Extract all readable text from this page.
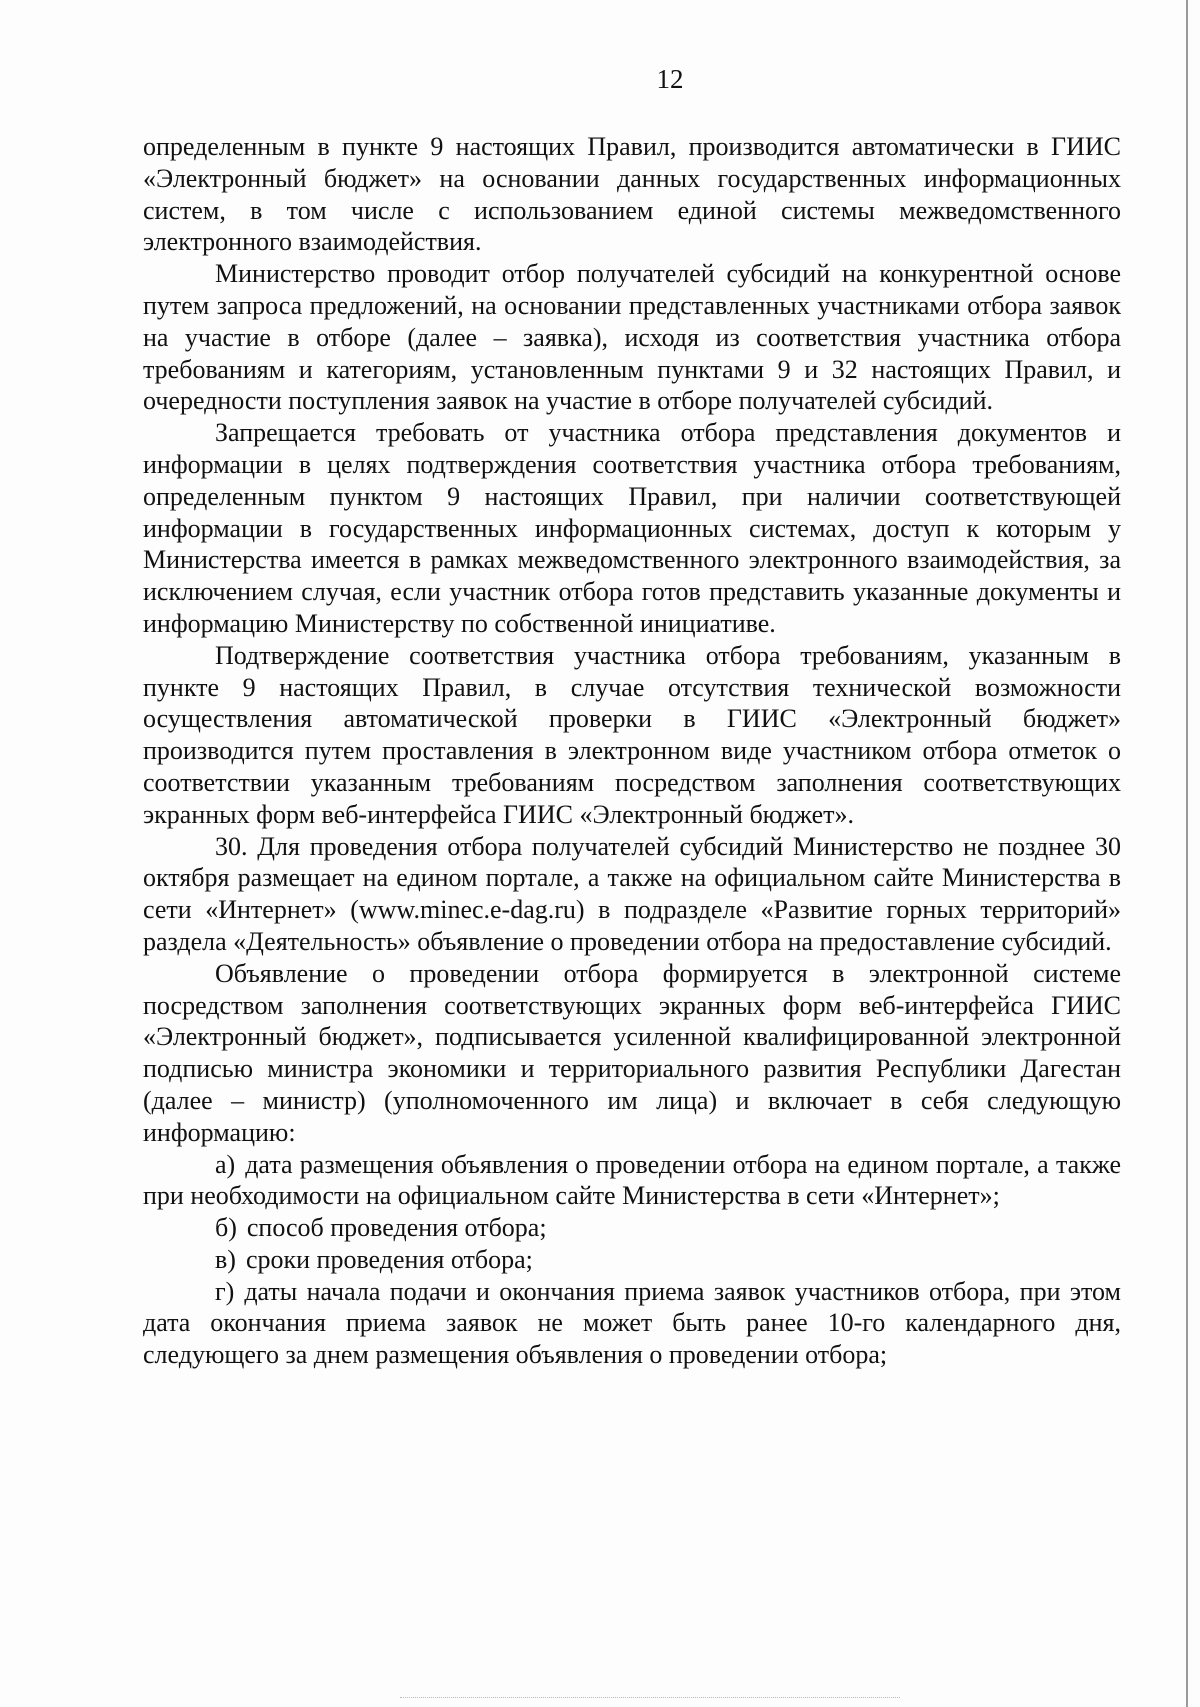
12

определенным в пункте 9 настоящих Правил, производится автоматически в ГИИС «Электронный бюджет» на основании данных государственных информационных систем, в том числе с использованием единой системы межведомственного электронного взаимодействия.

Министерство проводит отбор получателей субсидий на конкурентной основе путем запроса предложений, на основании представленных участниками отбора заявок на участие в отборе (далее – заявка), исходя из соответствия участника отбора требованиям и категориям, установленным пунктами 9 и 32 настоящих Правил, и очередности поступления заявок на участие в отборе получателей субсидий.

Запрещается требовать от участника отбора представления документов и информации в целях подтверждения соответствия участника отбора требованиям, определенным пунктом 9 настоящих Правил, при наличии соответствующей информации в государственных информационных системах, доступ к которым у Министерства имеется в рамках межведомственного электронного взаимодействия, за исключением случая, если участник отбора готов представить указанные документы и информацию Министерству по собственной инициативе.

Подтверждение соответствия участника отбора требованиям, указанным в пункте 9 настоящих Правил, в случае отсутствия технической возможности осуществления автоматической проверки в ГИИС «Электронный бюджет» производится путем проставления в электронном виде участником отбора отметок о соответствии указанным требованиям посредством заполнения соответствующих экранных форм веб-интерфейса ГИИС «Электронный бюджет».

30. Для проведения отбора получателей субсидий Министерство не позднее 30 октября размещает на едином портале, а также на официальном сайте Министерства в сети «Интернет» (www.minec.e-dag.ru) в подразделе «Развитие горных территорий» раздела «Деятельность» объявление о проведении отбора на предоставление субсидий.

Объявление о проведении отбора формируется в электронной системе посредством заполнения соответствующих экранных форм веб-интерфейса ГИИС «Электронный бюджет», подписывается усиленной квалифицированной электронной подписью министра экономики и территориального развития Республики Дагестан (далее – министр) (уполномоченного им лица) и включает в себя следующую информацию:

а) дата размещения объявления о проведении отбора на едином портале, а также при необходимости на официальном сайте Министерства в сети «Интернет»;

б) способ проведения отбора;

в) сроки проведения отбора;

г) даты начала подачи и окончания приема заявок участников отбора, при этом дата окончания приема заявок не может быть ранее 10-го календарного дня, следующего за днем размещения объявления о проведении отбора;
